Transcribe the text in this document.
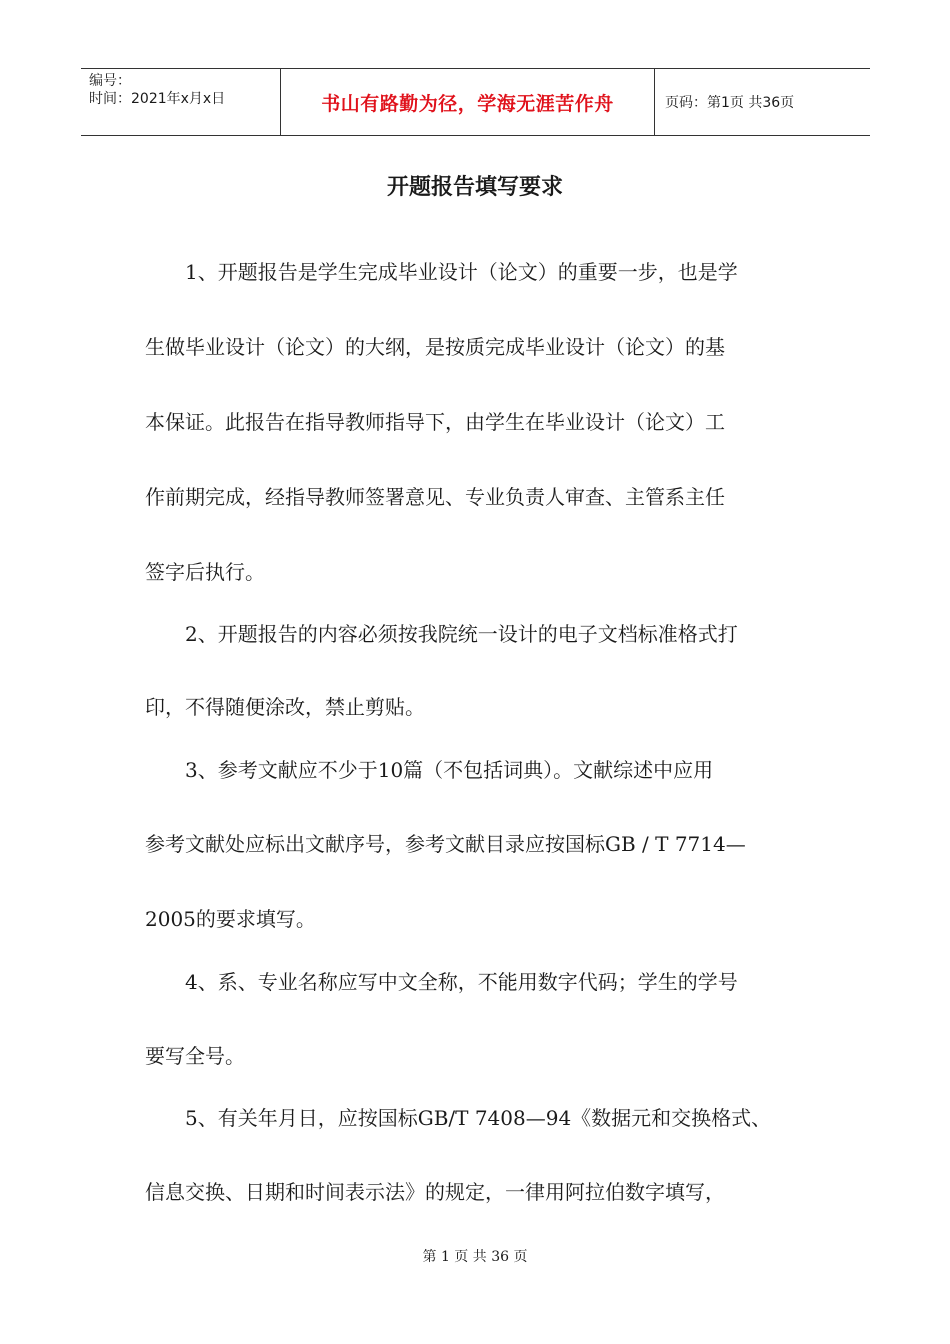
编号：
时间：2021年x月x日	书山有路勤为径，学海无涯苦作舟	页码：第1页 共36页
开题报告填写要求
1、开题报告是学生完成毕业设计（论文）的重要一步，也是学
生做毕业设计（论文）的大纲，是按质完成毕业设计（论文）的基
本保证。此报告在指导教师指导下，由学生在毕业设计（论文）工
作前期完成，经指导教师签署意见、专业负责人审查、主管系主任
签字后执行。
2、开题报告的内容必须按我院统一设计的电子文档标准格式打
印，不得随便涂改，禁止剪贴。
3、参考文献应不少于10篇（不包括词典）。文献综述中应用
参考文献处应标出文献序号，参考文献目录应按国标GB / T 7714—
2005的要求填写。
4、系、专业名称应写中文全称，不能用数字代码；学生的学号
要写全号。
5、有关年月日，应按国标GB/T 7408—94《数据元和交换格式、
信息交换、日期和时间表示法》的规定，一律用阿拉伯数字填写，
第 1 页 共 36 页
